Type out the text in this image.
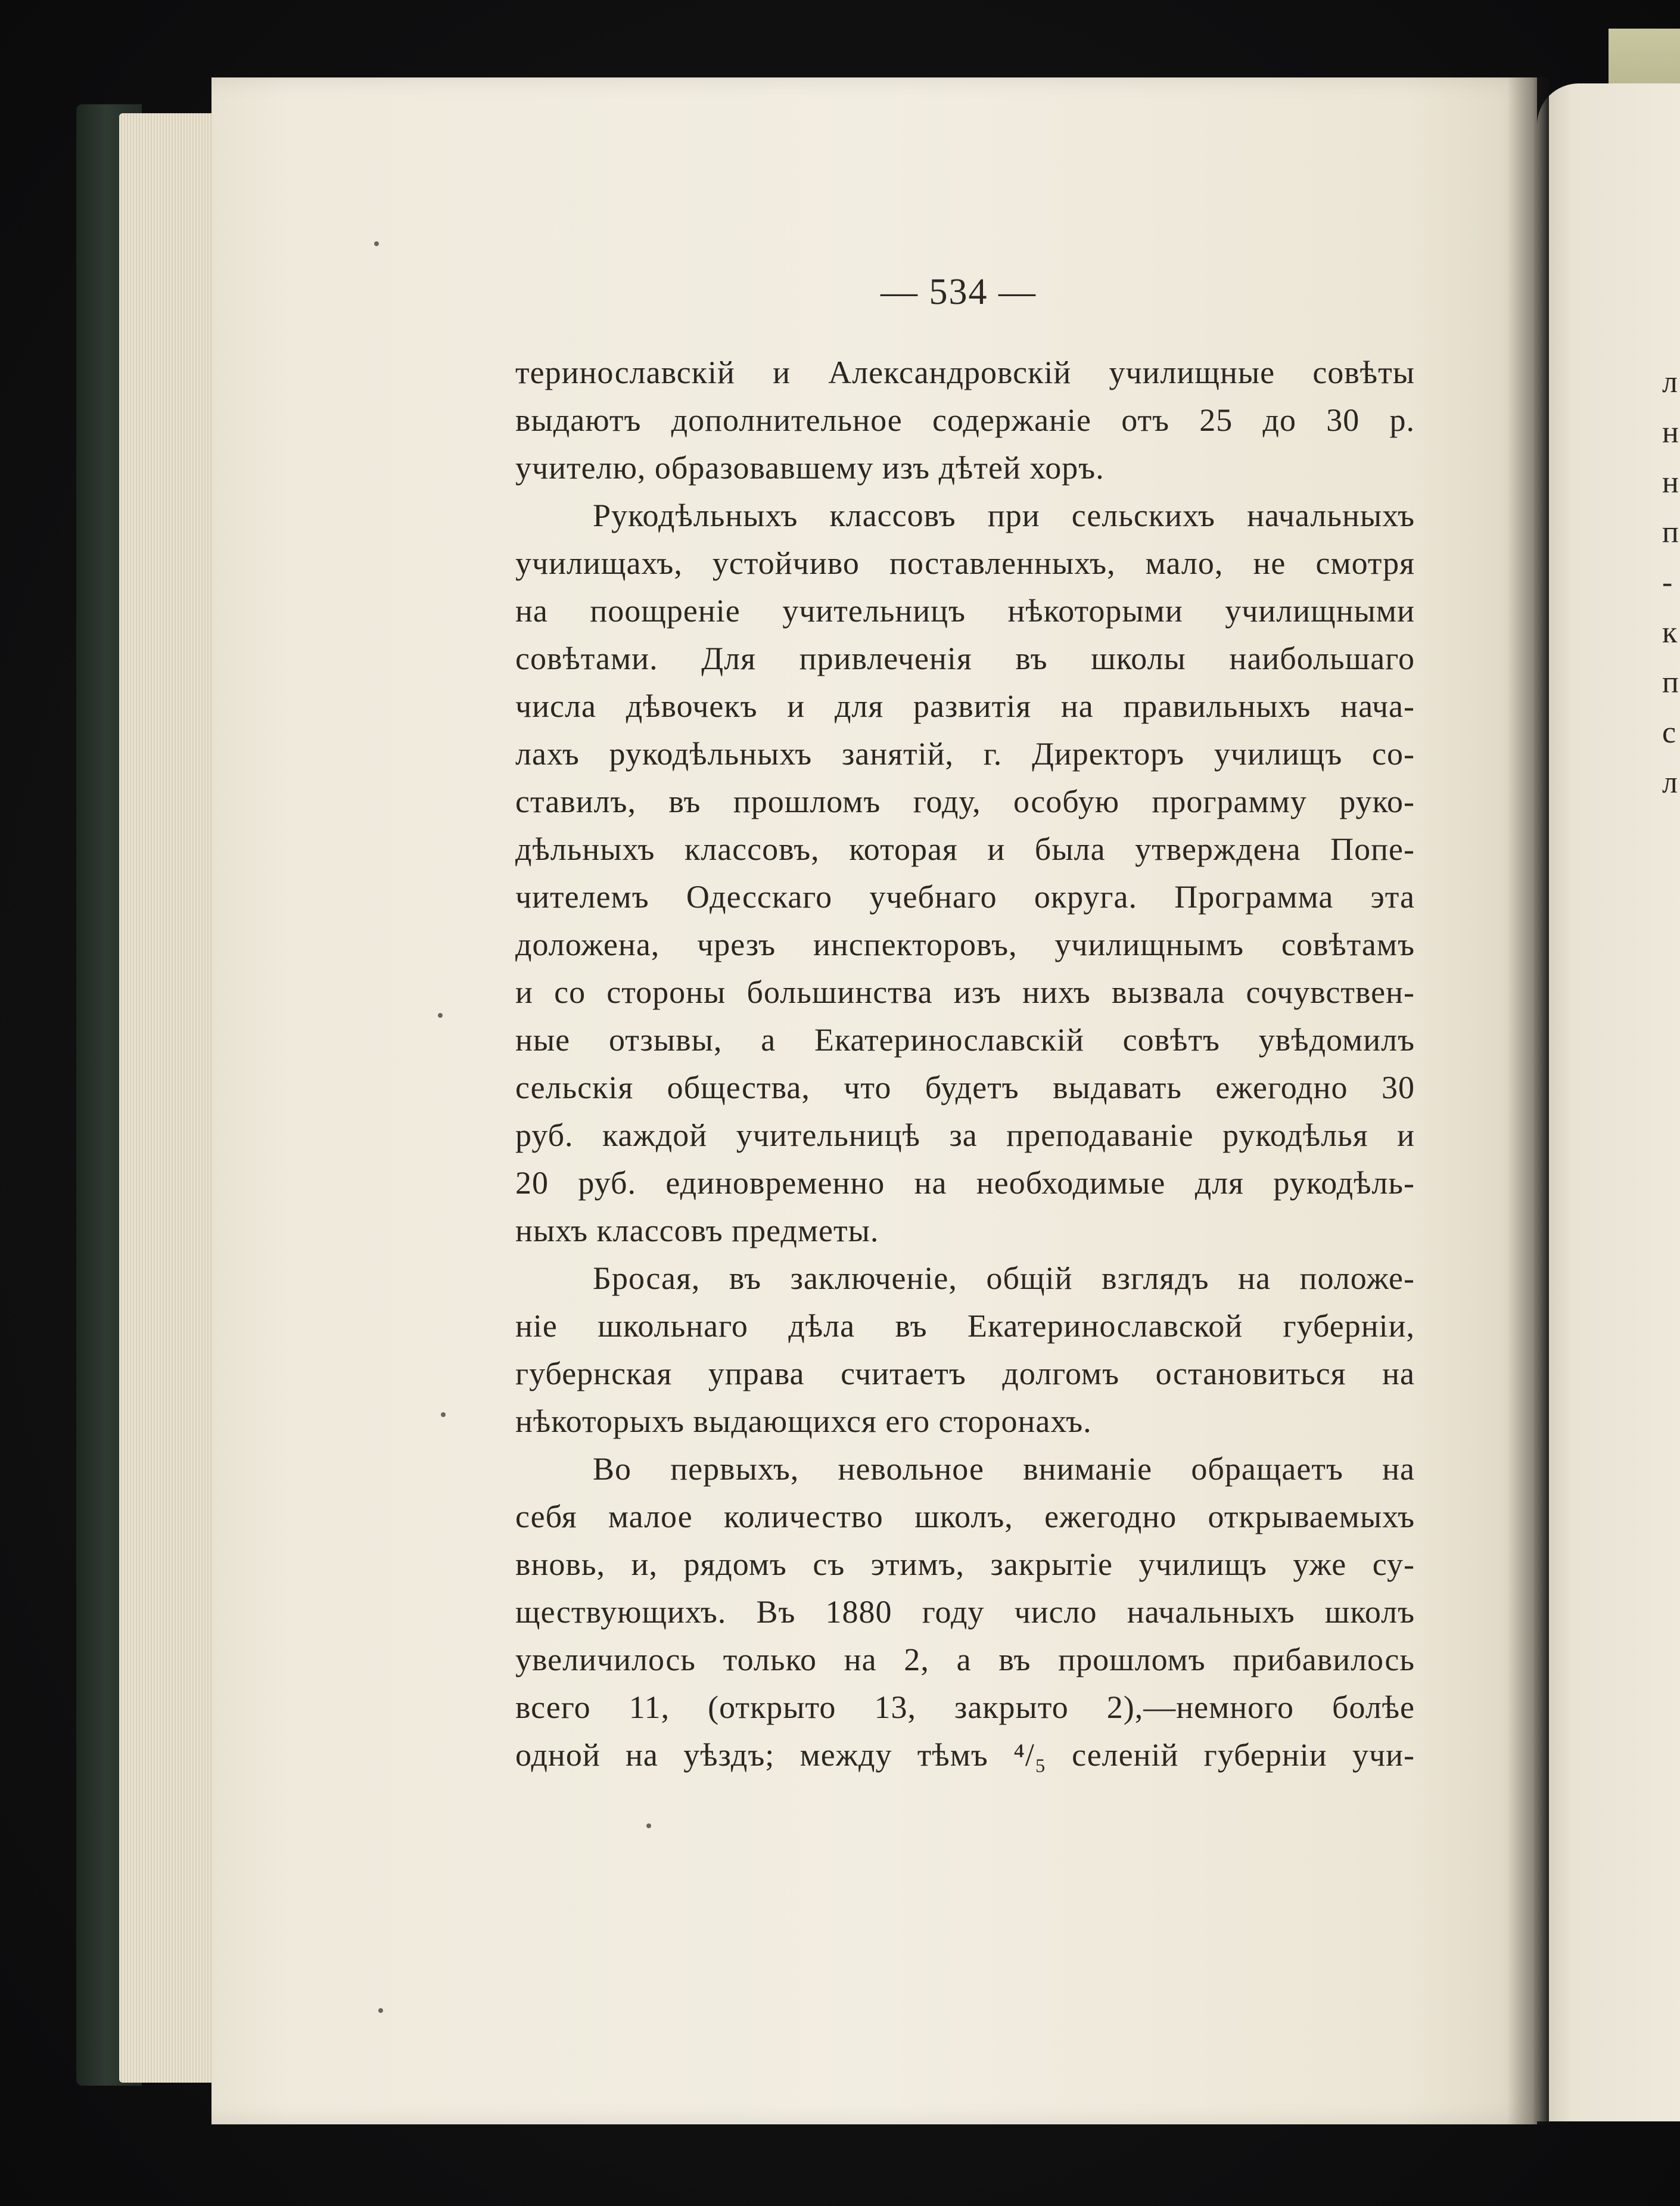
л
н
н
п
-
к
п
с
л
— 534 —
теринославскій и Александровскій училищные совѣты
выдаютъ дополнительное содержаніе отъ 25 до 30 р.
учителю, образовавшему изъ дѣтей хоръ.
Рукодѣльныхъ классовъ при сельскихъ начальныхъ
училищахъ, устойчиво поставленныхъ, мало, не смотря
на поощреніе учительницъ нѣкоторыми училищными
совѣтами. Для привлеченія въ школы наибольшаго
числа дѣвочекъ и для развитія на правильныхъ нача-
лахъ рукодѣльныхъ занятій, г. Директоръ училищъ со-
ставилъ, въ прошломъ году, особую программу руко-
дѣльныхъ классовъ, которая и была утверждена Попе-
чителемъ Одесскаго учебнаго округа. Программа эта
доложена, чрезъ инспекторовъ, училищнымъ совѣтамъ
и со стороны большинства изъ нихъ вызвала сочувствен-
ные отзывы, а Екатеринославскій совѣтъ увѣдомилъ
сельскія общества, что будетъ выдавать ежегодно 30
руб. каждой учительницѣ за преподаваніе рукодѣлья и
20 руб. единовременно на необходимые для рукодѣль-
ныхъ классовъ предметы.
Бросая, въ заключеніе, общій взглядъ на положе-
ніе школьнаго дѣла въ Екатеринославской губерніи,
губернская управа считаетъ долгомъ остановиться на
нѣкоторыхъ выдающихся его сторонахъ.
Во первыхъ, невольное вниманіе обращаетъ на
себя малое количество школъ, ежегодно открываемыхъ
вновь, и, рядомъ съ этимъ, закрытіе училищъ уже су-
ществующихъ. Въ 1880 году число начальныхъ школъ
увеличилось только на 2, а въ прошломъ прибавилось
всего 11, (открыто 13, закрыто 2),—немного болѣе
одной на уѣздъ; между тѣмъ ⁴/₅ селеній губерніи учи-
